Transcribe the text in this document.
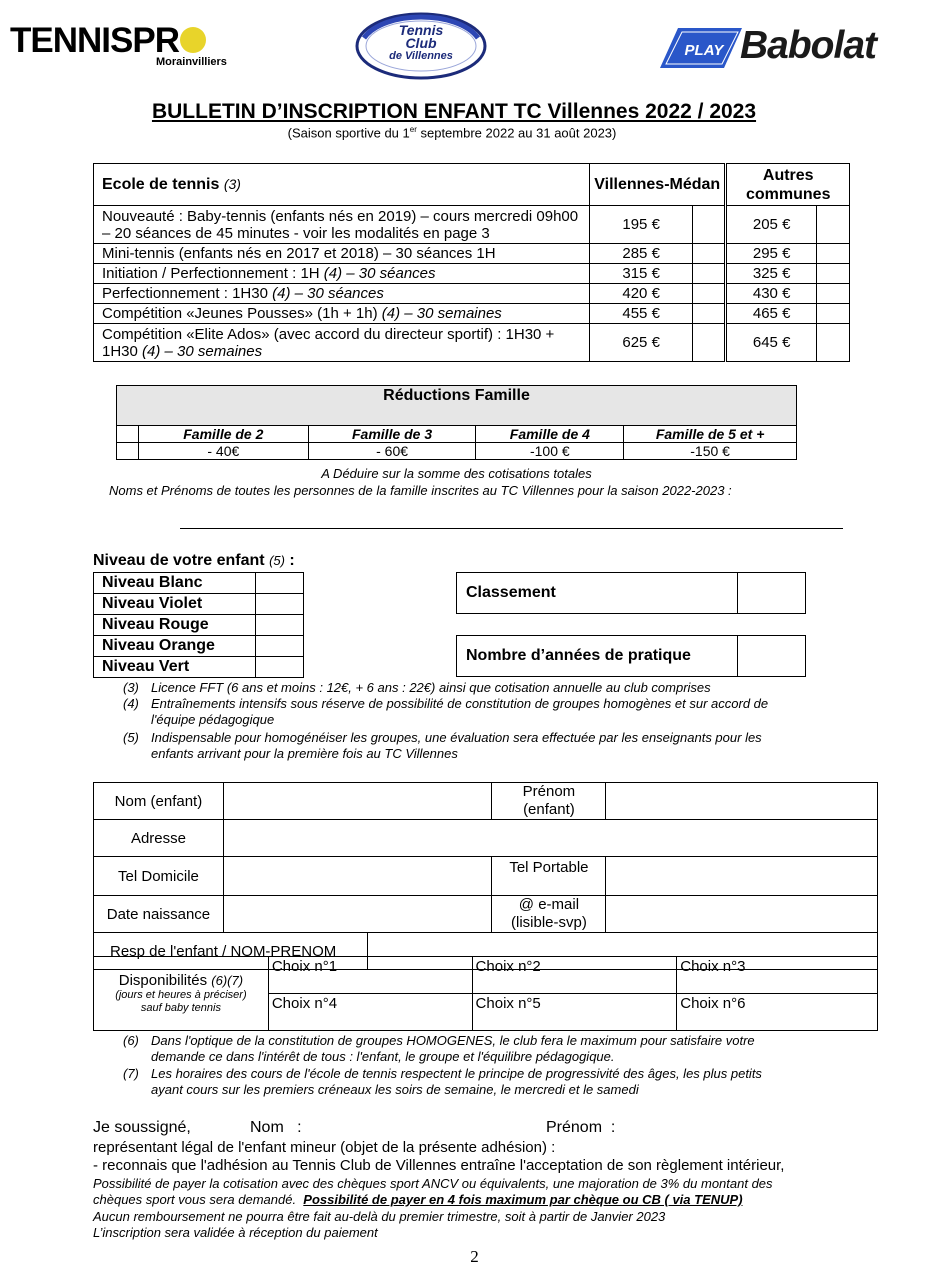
TENNISPR
Morainvilliers
Tennis
Club
de Villennes	PLAY Babolat
BULLETIN D’INSCRIPTION ENFANT TC Villennes 2022 / 2023
(Saison sportive du 1er septembre 2022 au 31 août 2023)
Ecole de tennis (3)	Villennes-Médan		Autres communes	
Nouveauté : Baby-tennis (enfants nés en 2019) – cours mercredi 09h00 – 20 séances de 45 minutes - voir les modalités en page 3	195 €		205 €	
Mini-tennis (enfants nés en 2017 et 2018) – 30 séances 1H	285 €		295 €	
Initiation / Perfectionnement : 1H (4) – 30 séances	315 €		325 €	
Perfectionnement : 1H30 (4) – 30 séances	420 €		430 €	
Compétition «Jeunes Pousses» (1h + 1h) (4) – 30 semaines	455 €		465 €	
Compétition «Elite Ados» (avec accord du directeur sportif) : 1H30 + 1H30 (4) – 30 semaines	625 €		645 €	
Réductions Famille				
	Famille de 2	Famille de 3	Famille de 4	Famille de 5 et +
	- 40€	- 60€	-100 €	-150 €
A Déduire sur la somme des cotisations totales
Noms et Prénoms de toutes les personnes de la famille inscrites au TC Villennes pour la saison 2022-2023 :
Niveau de votre enfant (5) :
Niveau Blanc	
Niveau Violet	
Niveau Rouge	
Niveau Orange	
Niveau Vert	
Classement	
Nombre d’années de pratique	
(3) Licence FFT (6 ans et moins : 12€, + 6 ans : 22€) ainsi que cotisation annuelle au club comprises
(4) Entraînements intensifs sous réserve de possibilité de constitution de groupes homogènes et sur accord de
l'équipe pédagogique
(5) Indispensable pour homogénéiser les groupes, une évaluation sera effectuée par les enseignants pour les
enfants arrivant pour la première fois au TC Villennes
Nom (enfant)			Prénom
(enfant)	

Adresse				
Tel Domicile			Tel Portable	
Date naissance			@ e-mail
(lisible-svp)	

Resp de l'enfant / NOM-PRENOM				
Disponibilités (6)(7)
(jours et heures à préciser)
sauf baby tennis	Choix n°1		Choix n°2		Choix n°3	
	Choix n°4		Choix n°5		Choix n°6	
(6) Dans l'optique de la constitution de groupes HOMOGENES, le club fera le maximum pour satisfaire votre
demande ce dans l'intérêt de tous : l'enfant, le groupe et l'équilibre pédagogique.
(7) Les horaires des cours de l'école de tennis respectent le principe de progressivité des âges, les plus petits
ayant cours sur les premiers créneaux les soirs de semaine, le mercredi et le samedi
Je soussigné,	Nom   :	Prénom  :
représentant légal de l'enfant mineur (objet de la présente adhésion) :
- reconnais que l'adhésion au Tennis Club de Villennes entraîne l'acceptation de son règlement intérieur,
Possibilité de payer la cotisation avec des chèques sport ANCV ou équivalents, une majoration de 3% du montant des
chèques sport vous sera demandé.  Possibilité de payer en 4 fois maximum par chèque ou CB ( via TENUP)
Aucun remboursement ne pourra être fait au-delà du premier trimestre, soit à partir de Janvier 2023
L’inscription sera validée à réception du paiement
2
